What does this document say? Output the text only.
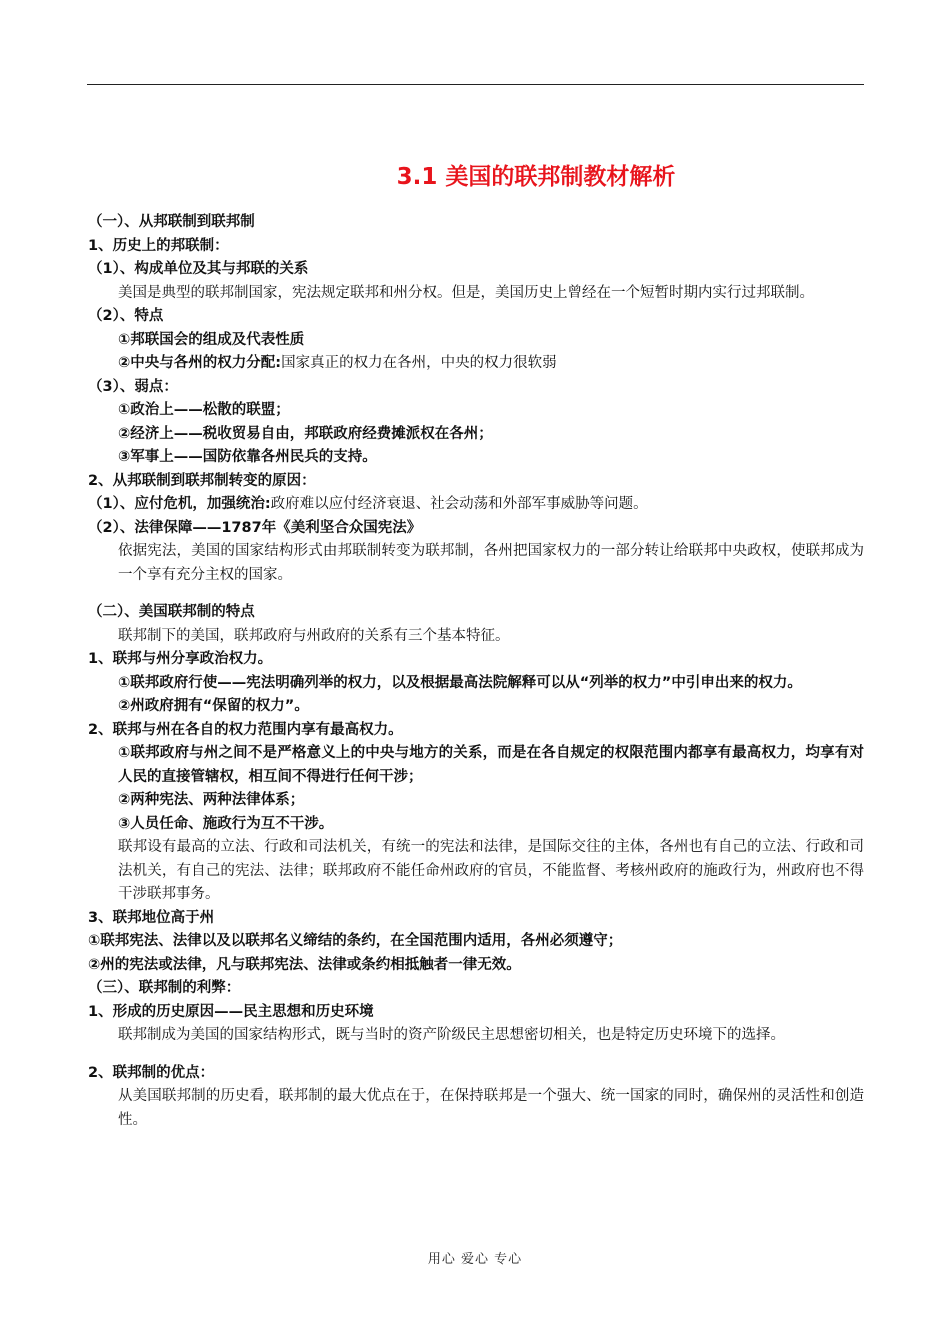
3.1 美国的联邦制教材解析
（一）、从邦联制到联邦制
1、历史上的邦联制：
（1）、构成单位及其与邦联的关系
美国是典型的联邦制国家，宪法规定联邦和州分权。但是，美国历史上曾经在一个短暂时期内实行过邦联制。
（2）、特点
①邦联国会的组成及代表性质
②中央与各州的权力分配:国家真正的权力在各州，中央的权力很软弱
（3）、弱点：
①政治上——松散的联盟；
②经济上——税收贸易自由，邦联政府经费摊派权在各州；
③军事上——国防依靠各州民兵的支持。
2、从邦联制到联邦制转变的原因：
（1）、应付危机，加强统治:政府难以应付经济衰退、社会动荡和外部军事威胁等问题。
（2）、法律保障——1787年《美利坚合众国宪法》
依据宪法，美国的国家结构形式由邦联制转变为联邦制，各州把国家权力的一部分转让给联邦中央政权，使联邦成为一个享有充分主权的国家。
（二）、美国联邦制的特点
联邦制下的美国，联邦政府与州政府的关系有三个基本特征。
1、联邦与州分享政治权力。
①联邦政府行使——宪法明确列举的权力，以及根据最高法院解释可以从“列举的权力”中引申出来的权力。
②州政府拥有“保留的权力”。
2、联邦与州在各自的权力范围内享有最高权力。
①联邦政府与州之间不是严格意义上的中央与地方的关系，而是在各自规定的权限范围内都享有最高权力，均享有对人民的直接管辖权，相互间不得进行任何干涉；
②两种宪法、两种法律体系；
③人员任命、施政行为互不干涉。
联邦设有最高的立法、行政和司法机关，有统一的宪法和法律，是国际交往的主体，各州也有自己的立法、行政和司法机关，有自己的宪法、法律；联邦政府不能任命州政府的官员，不能监督、考核州政府的施政行为，州政府也不得干涉联邦事务。
3、联邦地位高于州
①联邦宪法、法律以及以联邦名义缔结的条约，在全国范围内适用，各州必须遵守；
②州的宪法或法律，凡与联邦宪法、法律或条约相抵触者一律无效。
（三）、联邦制的利弊：
1、形成的历史原因——民主思想和历史环境
联邦制成为美国的国家结构形式，既与当时的资产阶级民主思想密切相关，也是特定历史环境下的选择。
2、联邦制的优点：
从美国联邦制的历史看，联邦制的最大优点在于，在保持联邦是一个强大、统一国家的同时，确保州的灵活性和创造性。
用心 爱心 专心
